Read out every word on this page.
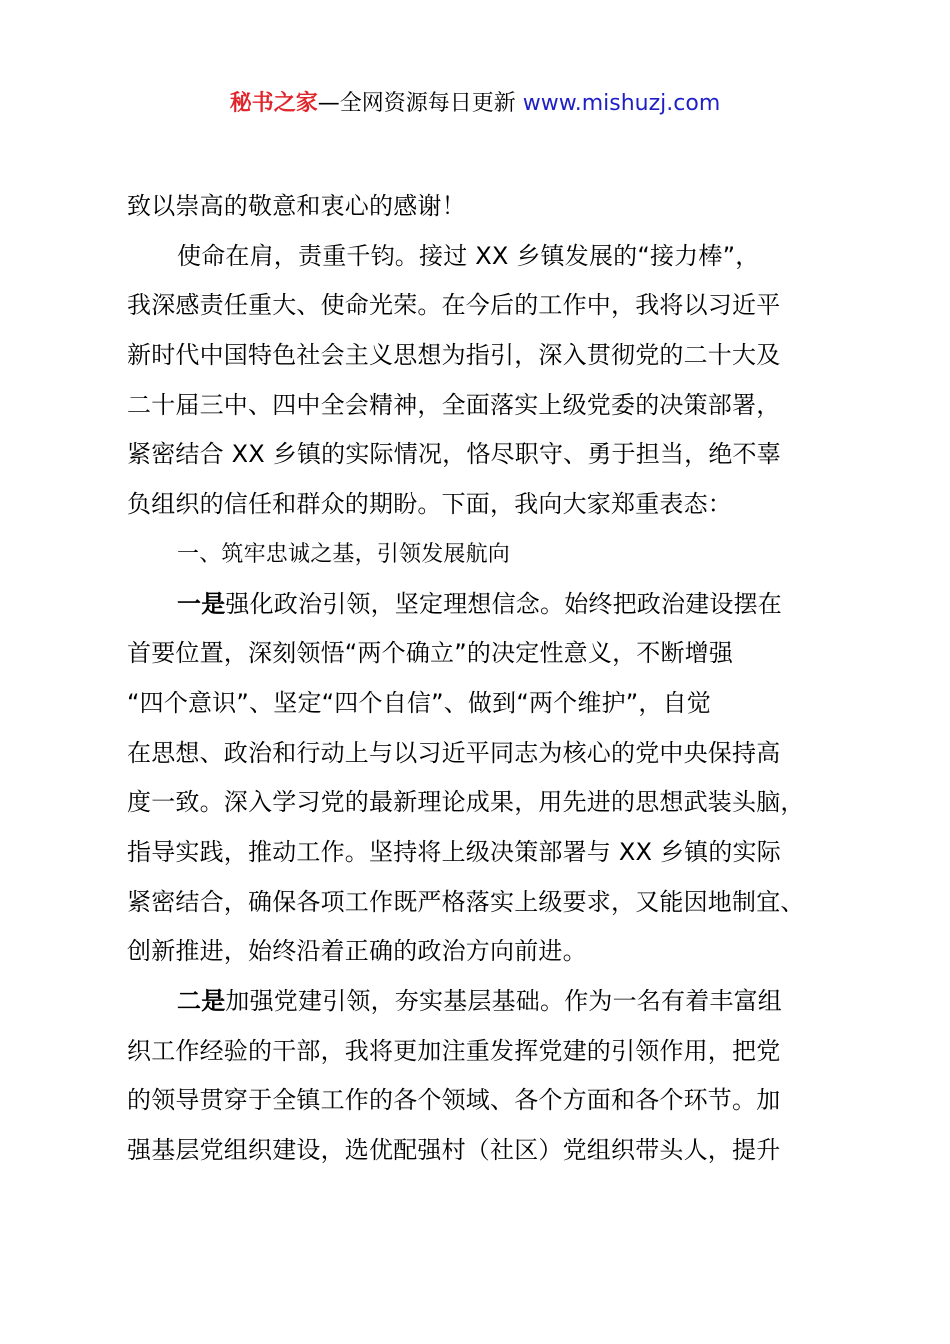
秘书之家—全网资源每日更新 www.mishuzj.com
致以崇高的敬意和衷心的感谢！
使命在肩，责重千钧。接过 XX 乡镇发展的“接力棒”，
我深感责任重大、使命光荣。在今后的工作中，我将以习近平
新时代中国特色社会主义思想为指引，深入贯彻党的二十大及
二十届三中、四中全会精神，全面落实上级党委的决策部署，
紧密结合 XX 乡镇的实际情况，恪尽职守、勇于担当，绝不辜
负组织的信任和群众的期盼。下面，我向大家郑重表态：
一、筑牢忠诚之基，引领发展航向
一是强化政治引领，坚定理想信念。始终把政治建设摆在
首要位置，深刻领悟“两个确立”的决定性意义，不断增强
“四个意识”、坚定“四个自信”、做到“两个维护”，自觉
在思想、政治和行动上与以习近平同志为核心的党中央保持高
度一致。深入学习党的最新理论成果，用先进的思想武装头脑，
指导实践，推动工作。坚持将上级决策部署与 XX 乡镇的实际
紧密结合，确保各项工作既严格落实上级要求，又能因地制宜、
创新推进，始终沿着正确的政治方向前进。
二是加强党建引领，夯实基层基础。作为一名有着丰富组
织工作经验的干部，我将更加注重发挥党建的引领作用，把党
的领导贯穿于全镇工作的各个领域、各个方面和各个环节。加
强基层党组织建设，选优配强村（社区）党组织带头人，提升
